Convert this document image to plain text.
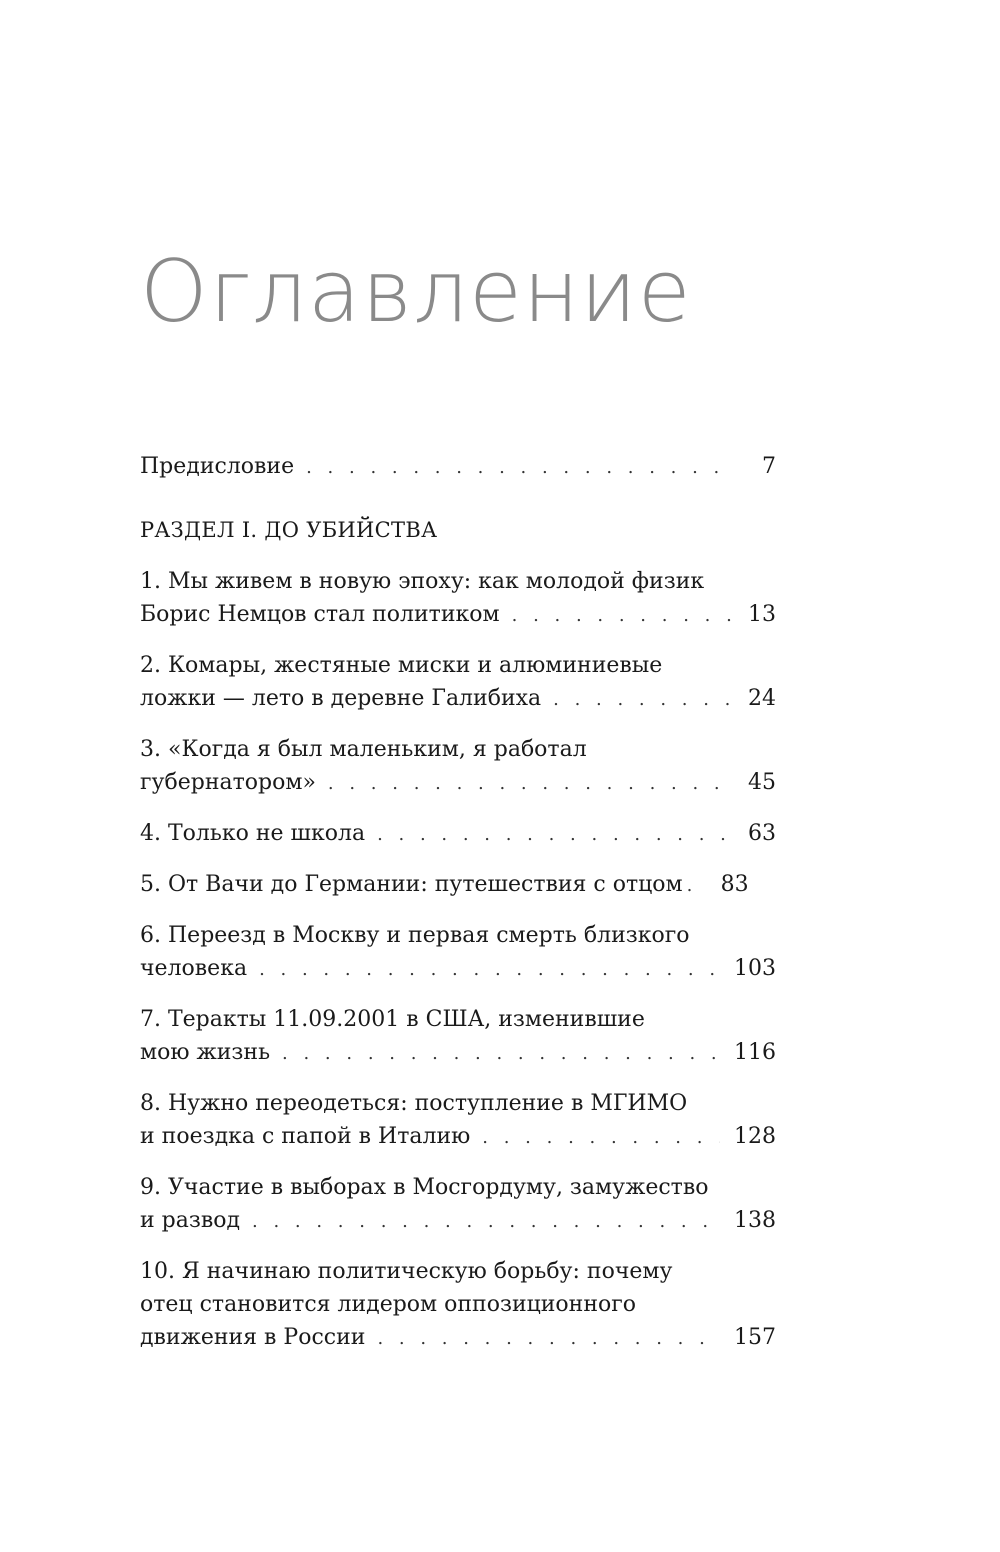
Оглавление
Предисловие . . .	7
РАЗДЕЛ I. ДО УБИЙСТВА
1. Мы живем в новую эпоху: как молодой физик
Борис Немцов стал политиком . . .	13
2. Комары, жестяные миски и алюминиевые
ложки — лето в деревне Галибиха . . .	24
3. «Когда я был маленьким, я работал
губернатором» . . .	45
4. Только не школа . . .	63
5. От Вачи до Германии: путешествия с отцом . . . 83
6. Переезд в Москву и первая смерть близкого
человека . . .	103
7. Теракты 11.09.2001 в США, изменившие
мою жизнь . . .	116
8. Нужно переодеться: поступление в МГИМО
и поездка с папой в Италию . . .	128
9. Участие в выборах в Мосгордуму, замужество
и развод . . .	138
10. Я начинаю политическую борьбу: почему
отец становится лидером оппозиционного
движения в России . . .	157
